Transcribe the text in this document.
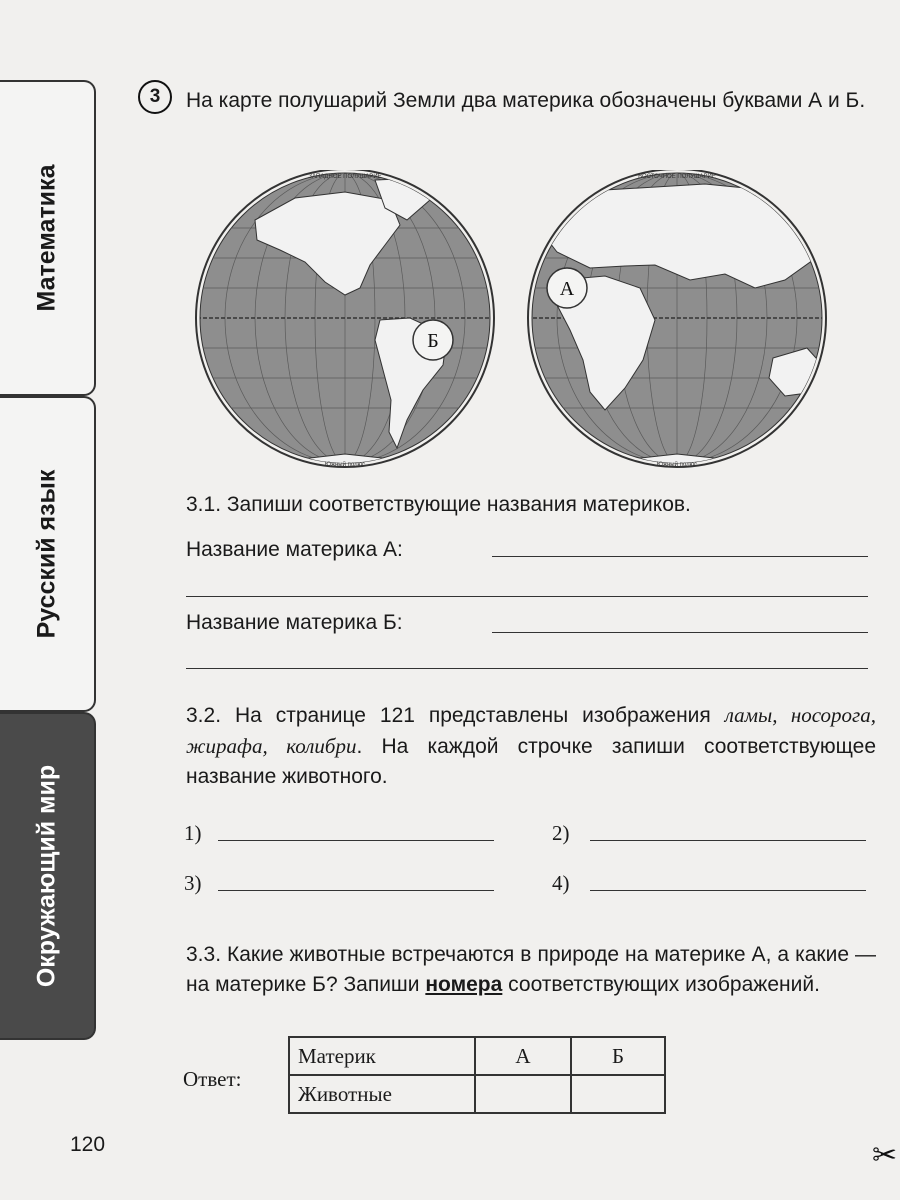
Математика
Русский язык
Окружающий мир
3	На карте полушарий Земли два материка обозначены буквами А и Б.
ЗАПАДНОЕ ПОЛУШАРИЕ
Южный полюс
Б
ВОСТОЧНОЕ ПОЛУШАРИЕ
Южный полюс
А
3.1. Запиши соответствующие названия материков.
Название материка А:
Название материка Б:
3.2. На странице 121 представлены изображения ламы, носорога, жирафа, колибри. На каждой строчке запиши соответствующее название животного.
1)	2)
3)	4)
3.3. Какие животные встречаются в природе на материке А, а какие — на материке Б? Запиши номера соответствующих изображений.
Ответ:
Материк	А	Б
Животные		
120	✂
